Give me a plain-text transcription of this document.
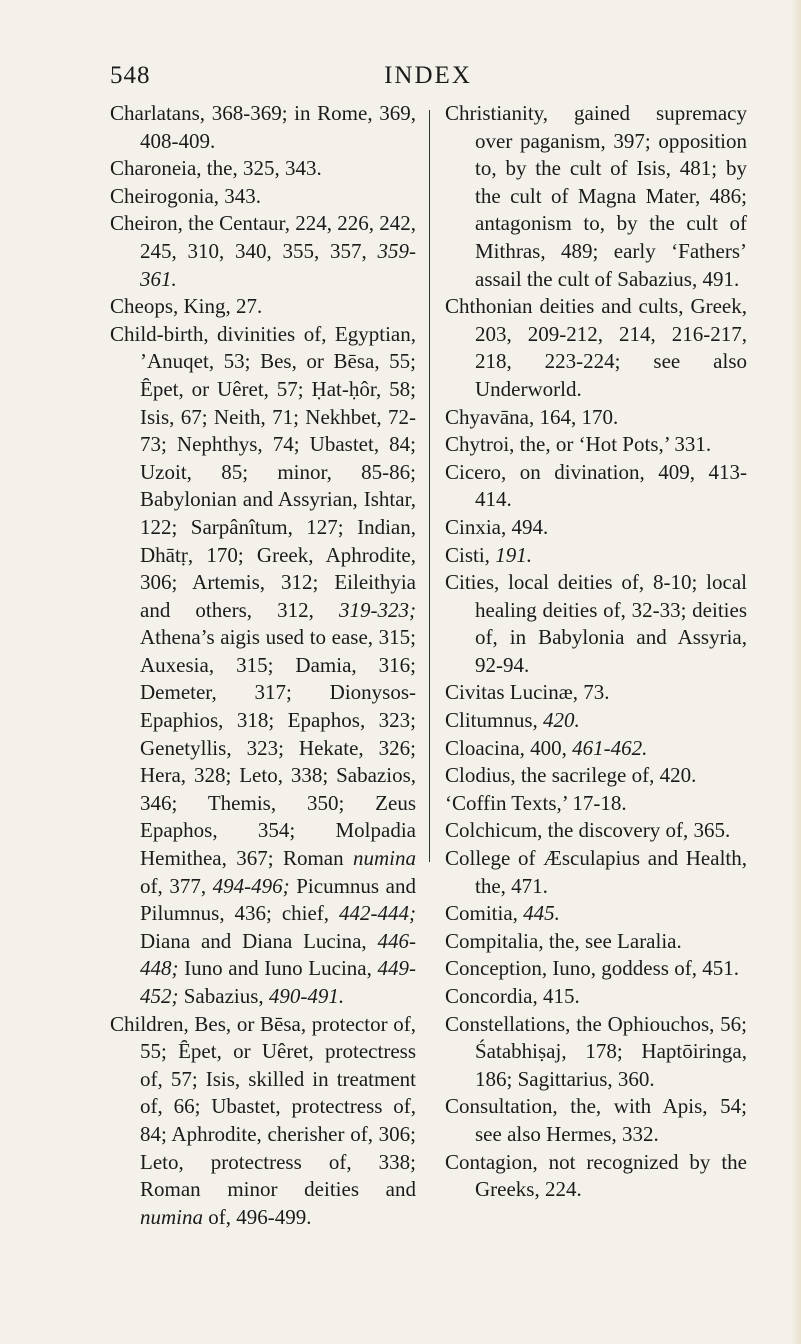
548	INDEX
Charlatans, 368-369; in Rome, 369, 408-409.
Charoneia, the, 325, 343.
Cheirogonia, 343.
Cheiron, the Centaur, 224, 226, 242, 245, 310, 340, 355, 357, 359-361.
Cheops, King, 27.
Child-birth, divinities of, Egyptian, ’Anuqet, 53; Bes, or Bēsa, 55; Ȇpet, or Uêret, 57; Ḥat-ḥôr, 58; Isis, 67; Neith, 71; Nekhbet, 72-73; Nephthys, 74; Ubastet, 84; Uzoit, 85; minor, 85-86; Babylonian and Assyrian, Ishtar, 122; Sarpânîtum, 127; Indian, Dhātṛ, 170; Greek, Aphrodite, 306; Artemis, 312; Eileithyia and others, 312, 319-323; Athena’s aigis used to ease, 315; Auxesia, 315; Damia, 316; Demeter, 317; Dionysos-Epaphios, 318; Epaphos, 323; Genetyllis, 323; Hekate, 326; Hera, 328; Leto, 338; Sabazios, 346; Themis, 350; Zeus Epaphos, 354; Molpadia Hemithea, 367; Roman numina of, 377, 494-496; Picumnus and Pilumnus, 436; chief, 442-444; Diana and Diana Lucina, 446-448; Iuno and Iuno Lucina, 449-452; Sabazius, 490-491.
Children, Bes, or Bēsa, protector of, 55; Ȇpet, or Uêret, protectress of, 57; Isis, skilled in treatment of, 66; Ubastet, protectress of, 84; Aphrodite, cherisher of, 306; Leto, protectress of, 338; Roman minor deities and numina of, 496-499.
Christianity, gained supremacy over paganism, 397; opposition to, by the cult of Isis, 481; by the cult of Magna Mater, 486; antagonism to, by the cult of Mithras, 489; early ‘Fathers’ assail the cult of Sabazius, 491.
Chthonian deities and cults, Greek, 203, 209-212, 214, 216-217, 218, 223-224; see also Underworld.
Chyavāna, 164, 170.
Chytroi, the, or ‘Hot Pots,’ 331.
Cicero, on divination, 409, 413-414.
Cinxia, 494.
Cisti, 191.
Cities, local deities of, 8-10; local healing deities of, 32-33; deities of, in Babylonia and Assyria, 92-94.
Civitas Lucinæ, 73.
Clitumnus, 420.
Cloacina, 400, 461-462.
Clodius, the sacrilege of, 420.
‘Coffin Texts,’ 17-18.
Colchicum, the discovery of, 365.
College of Æsculapius and Health, the, 471.
Comitia, 445.
Compitalia, the, see Laralia.
Conception, Iuno, goddess of, 451.
Concordia, 415.
Constellations, the Ophiouchos, 56; Śatabhiṣaj, 178; Haptōiringa, 186; Sagittarius, 360.
Consultation, the, with Apis, 54; see also Hermes, 332.
Contagion, not recognized by the Greeks, 224.
